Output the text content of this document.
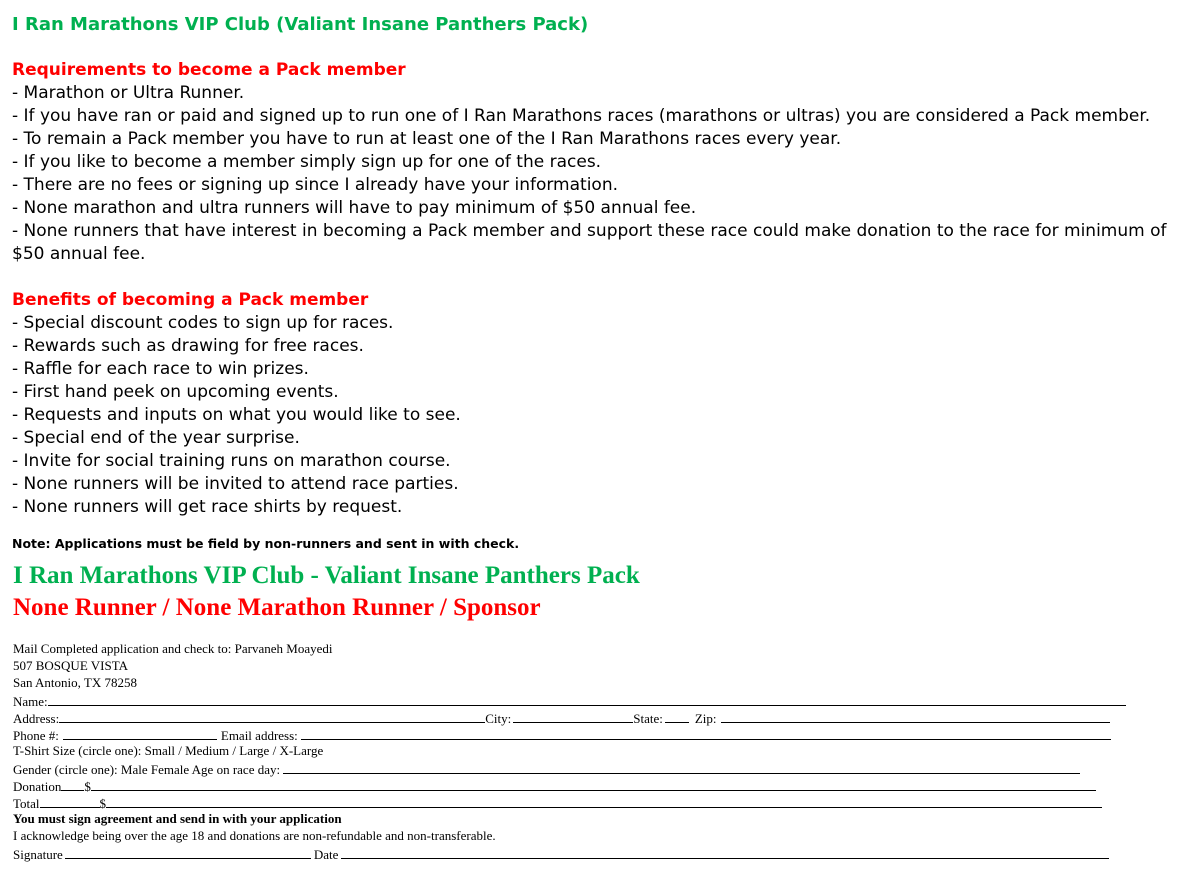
I Ran Marathons VIP Club (Valiant Insane Panthers Pack)
Requirements to become a Pack member
- Marathon or Ultra Runner.
- If you have ran or paid and signed up to run one of I Ran Marathons races (marathons or ultras) you are considered a Pack member.
- To remain a Pack member you have to run at least one of the I Ran Marathons races every year.
- If you like to become a member simply sign up for one of the races.
- There are no fees or signing up since I already have your information.
- None marathon and ultra runners will have to pay minimum of $50 annual fee.
- None runners that have interest in becoming a Pack member and support these race could make donation to the race for minimum of
$50 annual fee.
Benefits of becoming a Pack member
- Special discount codes to sign up for races.
- Rewards such as drawing for free races.
- Raffle for each race to win prizes.
- First hand peek on upcoming events.
- Requests and inputs on what you would like to see.
- Special end of the year surprise.
- Invite for social training runs on marathon course.
- None runners will be invited to attend race parties.
- None runners will get race shirts by request.
Note: Applications must be field by non-runners and sent in with check.
I Ran Marathons VIP Club - Valiant Insane Panthers Pack
None Runner / None Marathon Runner / Sponsor
Mail Completed application and check to: Parvaneh Moayedi
507 BOSQUE VISTA
San Antonio, TX 78258
Name:
Address:	City:	State: Zip:
Phone #:	Email address:
T-Shirt Size (circle one): Small / Medium / Large / X-Large
Gender (circle one): Male Female Age on race day:
Donation $
Total	$
You must sign agreement and send in with your application
I acknowledge being over the age 18 and donations are non-refundable and non-transferable.
Signature	Date
